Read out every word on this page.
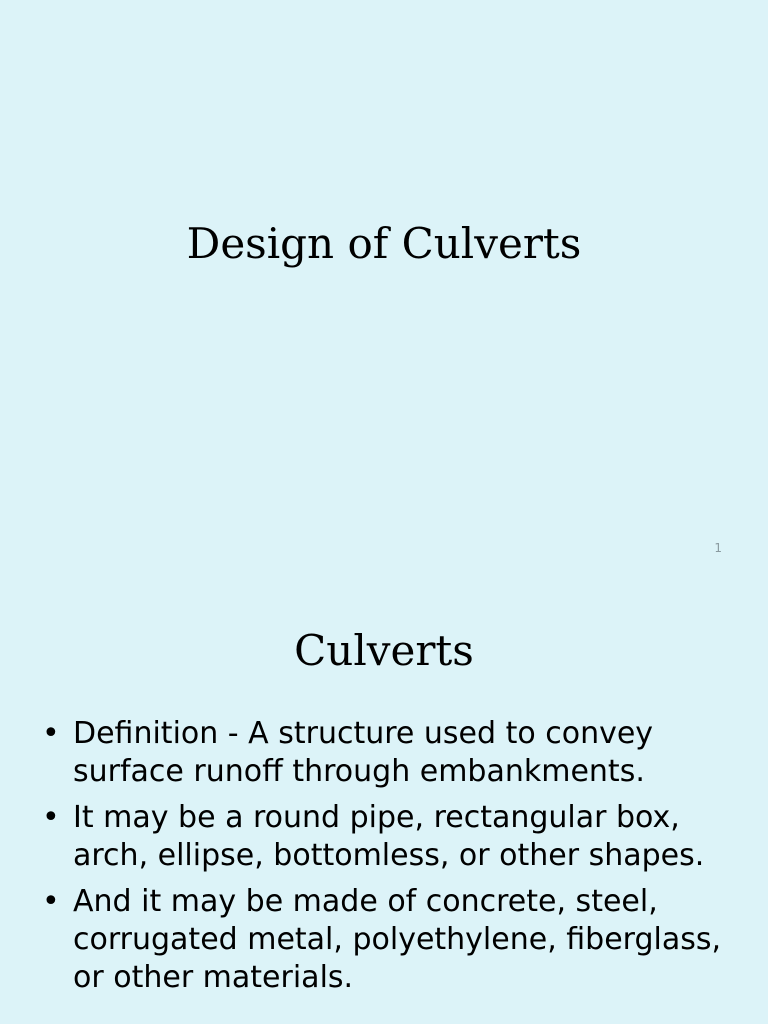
Design of Culverts
1
Culverts
• Definition - A structure used to convey surface runoff through embankments.
• It may be a round pipe, rectangular box, arch, ellipse, bottomless, or other shapes.
• And it may be made of concrete, steel, corrugated metal, polyethylene, fiberglass, or other materials.
